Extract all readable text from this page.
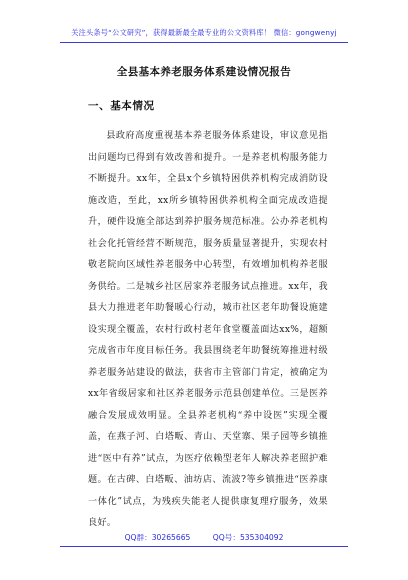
关注头条号“公文研究”，获得最新最全最专业的公文资料库！ 微信：gongwenyj
全县基本养老服务体系建设情况报告
一、基本情况

县政府高度重视基本养老服务体系建设，审议意见指出问题均已得到有效改善和提升。一是养老机构服务能力不断提升。xx年，全县x个乡镇特困供养机构完成消防设施改造，至此，xx所乡镇特困供养机构全面完成改造提升，硬件设施全部达到养护服务规范标准。公办养老机构社会化托管经营不断规范，服务质量显著提升，实现农村敬老院向区域性养老服务中心转型，有效增加机构养老服务供给。二是城乡社区居家养老服务试点推进。xx年，我县大力推进老年助餐暖心行动，城市社区老年助餐设施建设实现全覆盖，农村行政村老年食堂覆盖面达xx%，超额完成省市年度目标任务。我县围绕老年助餐统筹推进村级养老服务站建设的做法，获省市主管部门肯定，被确定为xx年省级居家和社区养老服务示范县创建单位。三是医养融合发展成效明显。全县养老机构“养中设医”实现全覆盖，在燕子河、白塔畈、青山、天堂寨、果子园等乡镇推进“医中有养”试点，为医疗依赖型老年人解决养老照护难题。在古碑、白塔畈、油坊店、流波?等乡镇推进“医养康一体化”试点，为残疾失能老人提供康复理疗服务，效果良好。

QQ群：30265665	QQ号：535304092
